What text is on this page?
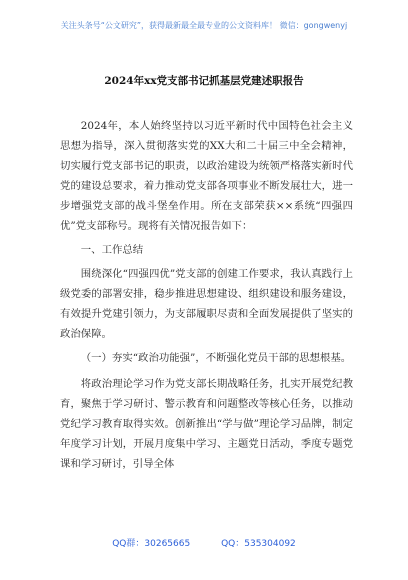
关注头条号“公文研究”，获得最新最全最专业的公文资料库！ 微信：gongwenyj
2024年xx党支部书记抓基层党建述职报告

2024年，本人始终坚持以习近平新时代中国特色社会主义思想为指导，深入贯彻落实党的XX大和二十届三中全会精神，切实履行党支部书记的职责，以政治建设为统领严格落实新时代党的建设总要求，着力推动党支部各项事业不断发展壮大，进一步增强党支部的战斗堡垒作用。所在支部荣获××系统“四强四优”党支部称号。现将有关情况报告如下：

一、工作总结

围绕深化“四强四优”党支部的创建工作要求，我认真践行上级党委的部署安排，稳步推进思想建设、组织建设和服务建设，有效提升党建引领力，为支部履职尽责和全面发展提供了坚实的政治保障。

（一）夯实“政治功能强”，不断强化党员干部的思想根基。

将政治理论学习作为党支部长期战略任务，扎实开展党纪教育，聚焦于学习研讨、警示教育和问题整改等核心任务，以推动党纪学习教育取得实效。创新推出“学与做”理论学习品牌，制定年度学习计划，开展月度集中学习、主题党日活动，季度专题党课和学习研讨，引导全体

QQ群：30265665	QQ：535304092
